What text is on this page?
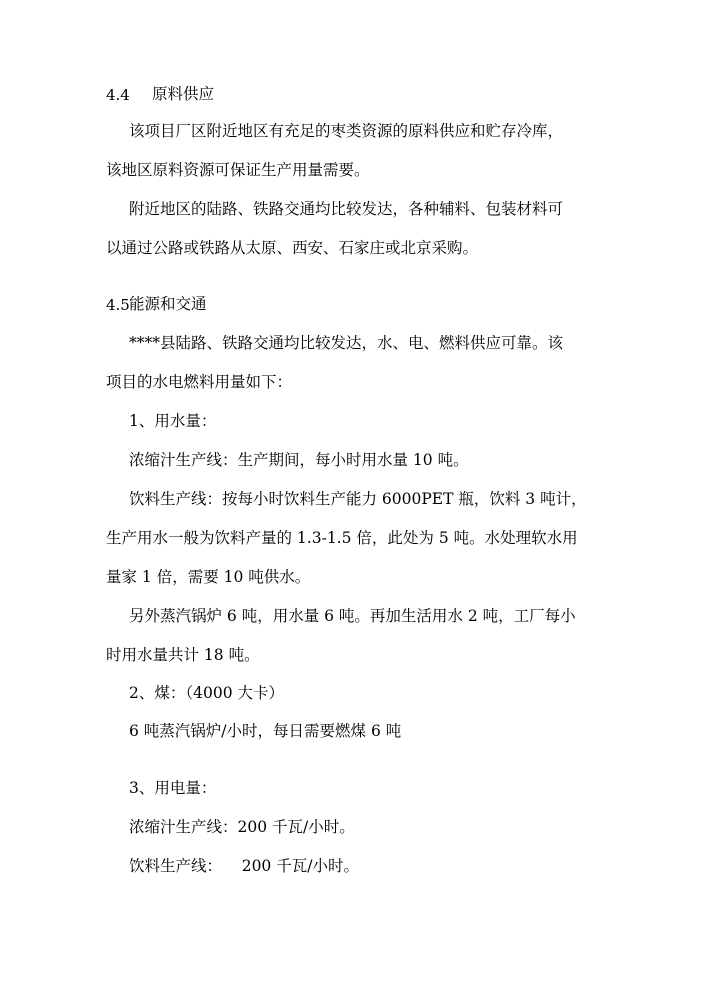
4.4 原料供应
该项目厂区附近地区有充足的枣类资源的原料供应和贮存冷库，
该地区原料资源可保证生产用量需要。
附近地区的陆路、铁路交通均比较发达，各种辅料、包装材料可
以通过公路或铁路从太原、西安、石家庄或北京采购。
4.5 能源和交通
****县陆路、铁路交通均比较发达，水、电、燃料供应可靠。该
项目的水电燃料用量如下：
1、用水量：
浓缩汁生产线：生产期间，每小时用水量 10 吨。
饮料生产线：按每小时饮料生产能力 6000PET 瓶，饮料 3 吨计，
生产用水一般为饮料产量的 1.3-1.5 倍，此处为 5 吨。水处理软水用
量家 1 倍，需要 10 吨供水。
另外蒸汽锅炉 6 吨，用水量 6 吨。再加生活用水 2 吨，工厂每小
时用水量共计 18 吨。
2、煤：（4000 大卡）
6 吨蒸汽锅炉/小时，每日需要燃煤 6 吨
3、用电量：
浓缩汁生产线：200 千瓦/小时。
饮料生产线：    200 千瓦/小时。
